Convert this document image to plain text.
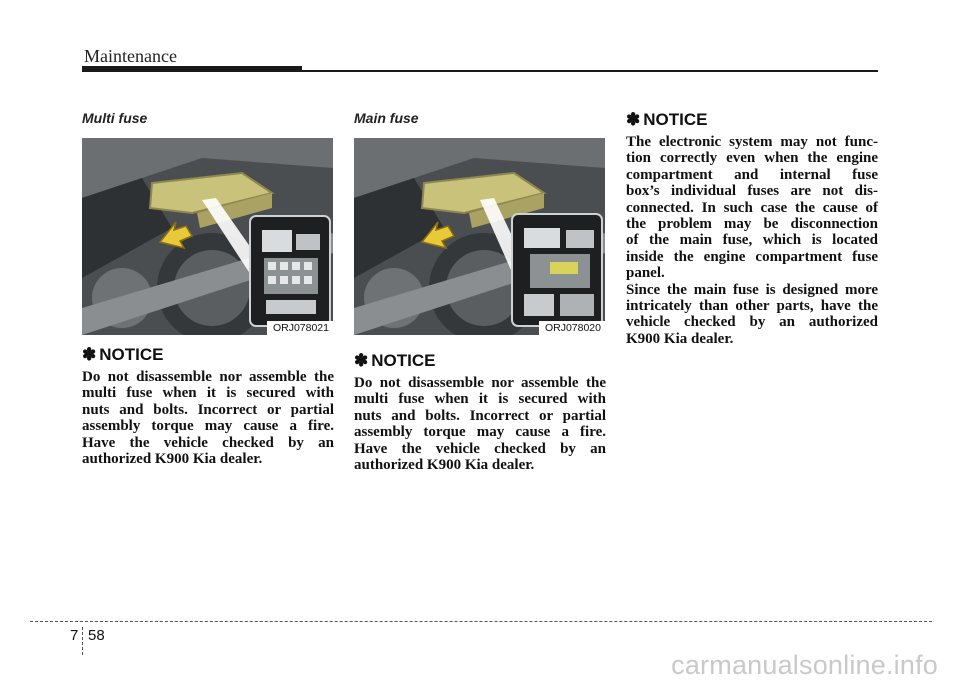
Maintenance
Multi fuse
ORJ078021
✽ NOTICE

Do not disassemble nor assemble the
multi fuse when it is secured with
nuts and bolts. Incorrect or partial
assembly torque may cause a fire.
Have the vehicle checked by an
authorized K900 Kia dealer.

Main fuse
ORJ078020
✽ NOTICE

Do not disassemble nor assemble the
multi fuse when it is secured with
nuts and bolts. Incorrect or partial
assembly torque may cause a fire.
Have the vehicle checked by an
authorized K900 Kia dealer.

✽ NOTICE

The electronic system may not func-
tion correctly even when the engine
compartment and internal fuse
box’s individual fuses are not dis-
connected. In such case the cause of
the problem may be disconnection
of the main fuse, which is located
inside the engine compartment fuse
panel.
Since the main fuse is designed more
intricately than other parts, have the
vehicle checked by an authorized
K900 Kia dealer.

7 58
carmanualsonline.info
